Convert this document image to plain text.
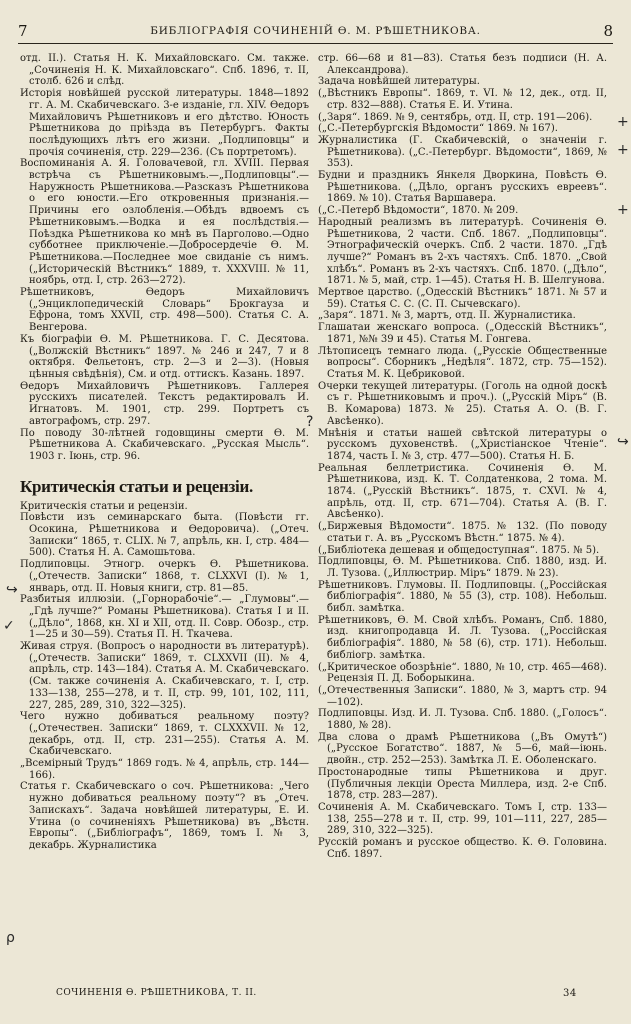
7	БИБЛІОГРАФІЯ СОЧИНЕНІЙ Ѳ. М. РѢШЕТНИКОВА.	8

отд. II.). Статья Н. К. Михайловскаго. См. также. „Сочиненія Н. К. Михайловскаго“. Спб. 1896, т. II, столб. 626 и слѣд.

Исторія новѣйшей русской литературы. 1848—1892 гг. А. М. Скабичевскаго. 3-е изданіе, гл. XIV. Ѳедоръ Михайловичъ Рѣшетниковъ и его дѣтство. Юность Рѣшетникова до пріѣзда въ Петербургъ. Факты послѣдующихъ лѣтъ его жизни. „Подлиповцы“ и прочія сочиненія, стр. 229—236. (Съ портретомъ).

Воспоминанія А. Я. Головачевой, гл. XVIII. Первая встрѣча съ Рѣшетниковымъ.—„Подлиповцы“.—Наружность Рѣшетникова.—Разсказъ Рѣшетникова о его юности.—Его откровенныя признанія.—Причины его озлобленія.—Обѣдъ вдвоемъ съ Рѣшетниковымъ.—Водка и ея послѣдствія.—Поѣздка Рѣшетникова ко мнѣ въ Парголово.—Одно субботнее приключеніе.—Добросердечіе Ѳ. М. Рѣшетникова.—Последнее мое свиданіе съ нимъ. („Историческій Вѣстникъ“ 1889, т. XXXVIII. № 11, ноябрь, отд. I, стр. 263—272).

Рѣшетниковъ, Ѳедоръ Михайловичъ („Энциклопедическій Словарь“ Брокгауза и Ефрона, томъ XXVII, стр. 498—500). Статья С. А. Венгерова.

Къ біографіи Ѳ. М. Рѣшетникова. Г. С. Десятова. („Волжскій Вѣстникъ“ 1897. № 246 и 247, 7 и 8 октября. Фельетонъ, стр. 2—3 и 2—3). (Новыя цѣнныя свѣдѣнія), См. и отд. оттискъ. Казань. 1897.

Ѳедоръ Михайловичъ Рѣшетниковъ. Галлерея русскихъ писателей. Текстъ редактировалъ И. Игнатовъ. М. 1901, стр. 299. Портретъ съ автографомъ, стр. 297.

По поводу 30-лѣтней годовщины смерти Ѳ. М. Рѣшетникова А. Скабичевскаго. „Русская Мысль“. 1903 г. Іюнь, стр. 96.

Критическія статьи и рецензіи.

Критическія статьи и рецензіи.

Повѣсти изъ семинарскаго быта. (Повѣсти гг. Осокина, Рѣшетникова и Ѳедоровича). („Отеч. Записки“ 1865, т. CLIX. № 7, апрѣль, кн. I, стр. 484—500). Статья Н. А. Самошьтова.

Подлиповцы. Этногр. очеркъ Ѳ. Рѣшетникова. („Отечеств. Записки“ 1868, т. CLXXVI (I). № 1, январь, отд. II. Новыя книги, стр. 81—85.

Разбитыя иллюзіи. („Горнорабочіе“.— „Глумовы“.— „Гдѣ лучше?“ Романы Рѣшетникова). Статья I и II. („Дѣло“, 1868, кн. XI и XII, отд. II. Совр. Обозр., стр. 1—25 и 30—59). Статья П. Н. Ткачева.

Живая струя. (Вопросъ о народности въ литературѣ). („Отечеств. Записки“ 1869, т. CLXXVII (II). № 4, апрѣль, стр. 143—184). Статья А. М. Скабичевскаго. (См. также сочиненія А. Скабичевскаго, т. I, стр. 133—138, 255—278, и т. II, стр. 99, 101, 102, 111, 227, 285, 289, 310, 322—325).

Чего нужно добиваться реальному поэту? („Отечествен. Записки“ 1869, т. CLXXXVII. № 12, декабрь, отд. II, стр. 231—255). Статья А. М. Скабичевскаго.

„Всемірный Трудъ“ 1869 годъ. № 4, апрѣль, стр. 144—166).

Статья г. Скабичевскаго о соч. Рѣшетникова: „Чего нужно добиваться реальному поэту“? въ „Отеч. Запискахъ“. Задача новѣйшей литературы, Е. И. Утина (о сочиненіяхъ Рѣшетникова) въ „Вѣстн. Европы“. („Библіографъ“, 1869, томъ I. № 3, декабрь. Журналистика

стр. 66—68 и 81—83). Статья безъ подписи (Н. А. Александрова).

Задача новѣйшей литературы.

(„Вѣстникъ Европы“. 1869, т. VI. № 12, дек., отд. II, стр. 832—888). Статья Е. И. Утина.

(„Заря“. 1869. № 9, сентябрь, отд. II, стр. 191—206).

(„С.-Петербургскія Вѣдомости“ 1869. № 167).

Журналистика (Г. Скабичевскій, о значеніи г. Рѣшетникова). („С.-Петербург. Вѣдомости“, 1869, № 353).

Будни и праздникъ Янкеля Дворкина, Повѣсть Ѳ. Рѣшетникова. („Дѣло, органъ русскихъ евреевъ“. 1869. № 10). Статья Варшавера.

(„С.-Петерб Вѣдомости“, 1870. № 209.

Народный реализмъ въ литературѣ. Сочиненія Ѳ. Рѣшетникова, 2 части. Спб. 1867. „Подлиповцы“. Этнографическій очеркъ. Спб. 2 части. 1870. „Гдѣ лучше?“ Романъ въ 2-хъ частяхъ. Спб. 1870. „Свой хлѣбъ“. Романъ въ 2-хъ частяхъ. Спб. 1870. („Дѣло“, 1871. № 5, май, стр. 1—45). Статья Н. В. Шелгунова.

Мертвое царство. („Одесскій Вѣстникъ“ 1871. № 57 и 59). Статья С. С. (С. П. Сычевскаго).

„Заря“. 1871. № 3, мартъ, отд. II. Журналистика.

Глашатаи женскаго вопроса. („Одесскій Вѣстникъ“, 1871, №№ 39 и 45). Статья М. Гонгева.

Лѣтописецъ темнаго люда. („Русскіе Общественные вопросы“. Сборникъ „Недѣля“. 1872, стр. 75—152). Статья М. К. Цебриковой.

Очерки текущей литературы. (Гоголь на одной доскѣ съ г. Рѣшетниковымъ и проч.). („Русскій Міръ“ (В. В. Комарова) 1873. № 25). Статья А. О. (В. Г. Авсѣенко).

Мнѣнія и статьи нашей свѣтской литературы о русскомъ духовенствѣ. („Христіанское Чтеніе“. 1874, часть I. № 3, стр. 477—500). Статья Н. Б.

Реальная беллетристика. Сочиненія Ѳ. М. Рѣшетникова, изд. К. Т. Солдатенкова, 2 тома. М. 1874. („Русскій Вѣстникъ“. 1875, т. CXVI. № 4, апрѣль, отд. II, стр. 671—704). Статья А. (В. Г. Авсѣенко).

(„Биржевыя Вѣдомости“. 1875. № 132. (По поводу статьи г. А. въ „Русскомъ Вѣстн.“ 1875. № 4).

(„Библіотека дешевая и общедоступная“. 1875. № 5).

Подлиповцы, Ѳ. М. Рѣшетникова. Спб. 1880, изд. И. Л. Тузова. („Иллюстрир. Міръ“ 1879. № 23).

Рѣшетниковъ. Глумовы. II. Подлиповцы. („Россійская библіографія“. 1880, № 55 (3), стр. 108). Небольш. библ. замѣтка.

Рѣшетниковъ, Ѳ. М. Свой хлѣбъ. Романъ, Спб. 1880, изд. книгопродавца И. Л. Тузова. („Россійская библіографія“. 1880, № 58 (6), стр. 171). Небольш. библіогр. замѣтка.

(„Критическое обозрѣніе“. 1880, № 10, стр. 465—468). Рецензія П. Д. Боборыкина.

(„Отечественныя Записки“. 1880, № 3, мартъ стр. 94—102).

Подлиповцы. Изд. И. Л. Тузова. Спб. 1880. („Голосъ“. 1880, № 28).

Два слова о драмѣ Рѣшетникова („Въ Омутѣ“) („Русское Богатство“. 1887, № 5—6, май—іюнь. двойн., стр. 252—253). Замѣтка Л. Е. Оболенскаго.

Простонародные типы Рѣшетникова и друг. (Публичныя лекціи Ореста Миллера, изд. 2-е Спб. 1878, стр. 283—287).

Сочиненія А. М. Скабичевскаго. Томъ I, стр. 133—138, 255—278 и т. II, стр. 99, 101—111, 227, 285—289, 310, 322—325).

Русскій романъ и русское общество. К. Ѳ. Головина. Спб. 1897.

↪
✓
ρ
+
+
+
?
↪
СОЧИНЕНІЯ Ѳ. РѢШЕТНИКОВА, Т. II.	34
